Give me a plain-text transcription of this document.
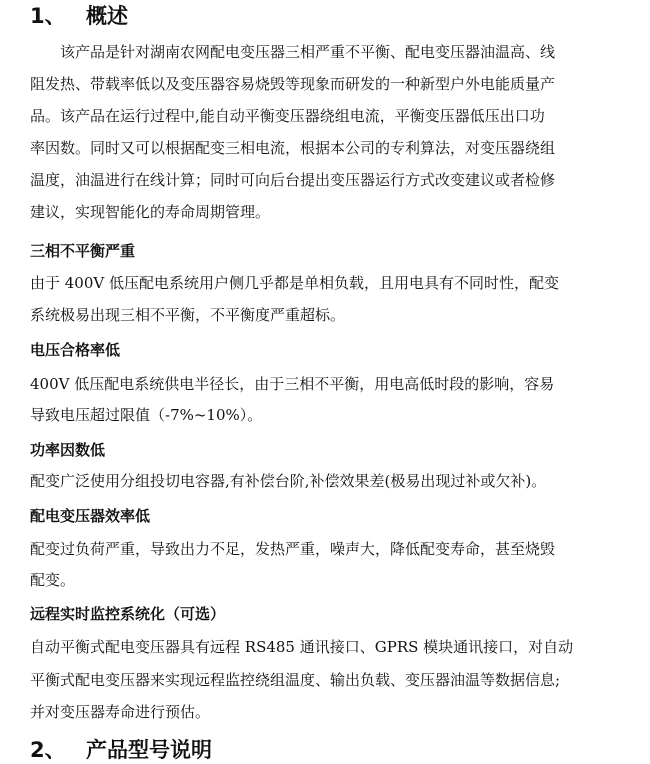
1、 概述
该产品是针对湖南农网配电变压器三相严重不平衡、配电变压器油温高、线
阻发热、带载率低以及变压器容易烧毁等现象而研发的一种新型户外电能质量产
品。该产品在运行过程中,能自动平衡变压器绕组电流，平衡变压器低压出口功
率因数。同时又可以根据配变三相电流，根据本公司的专利算法，对变压器绕组
温度，油温进行在线计算；同时可向后台提出变压器运行方式改变建议或者检修
建议，实现智能化的寿命周期管理。
三相不平衡严重
由于 400V 低压配电系统用户侧几乎都是单相负载，且用电具有不同时性，配变
系统极易出现三相不平衡，不平衡度严重超标。
电压合格率低
400V 低压配电系统供电半径长，由于三相不平衡，用电高低时段的影响，容易
导致电压超过限值（-7%~10%）。
功率因数低
配变广泛使用分组投切电容器,有补偿台阶,补偿效果差(极易出现过补或欠补)。
配电变压器效率低
配变过负荷严重，导致出力不足，发热严重，噪声大，降低配变寿命，甚至烧毁
配变。
远程实时监控系统化（可选）
自动平衡式配电变压器具有远程 RS485 通讯接口、GPRS 模块通讯接口，对自动
平衡式配电变压器来实现远程监控绕组温度、输出负载、变压器油温等数据信息;
并对变压器寿命进行预估。
2、 产品型号说明
